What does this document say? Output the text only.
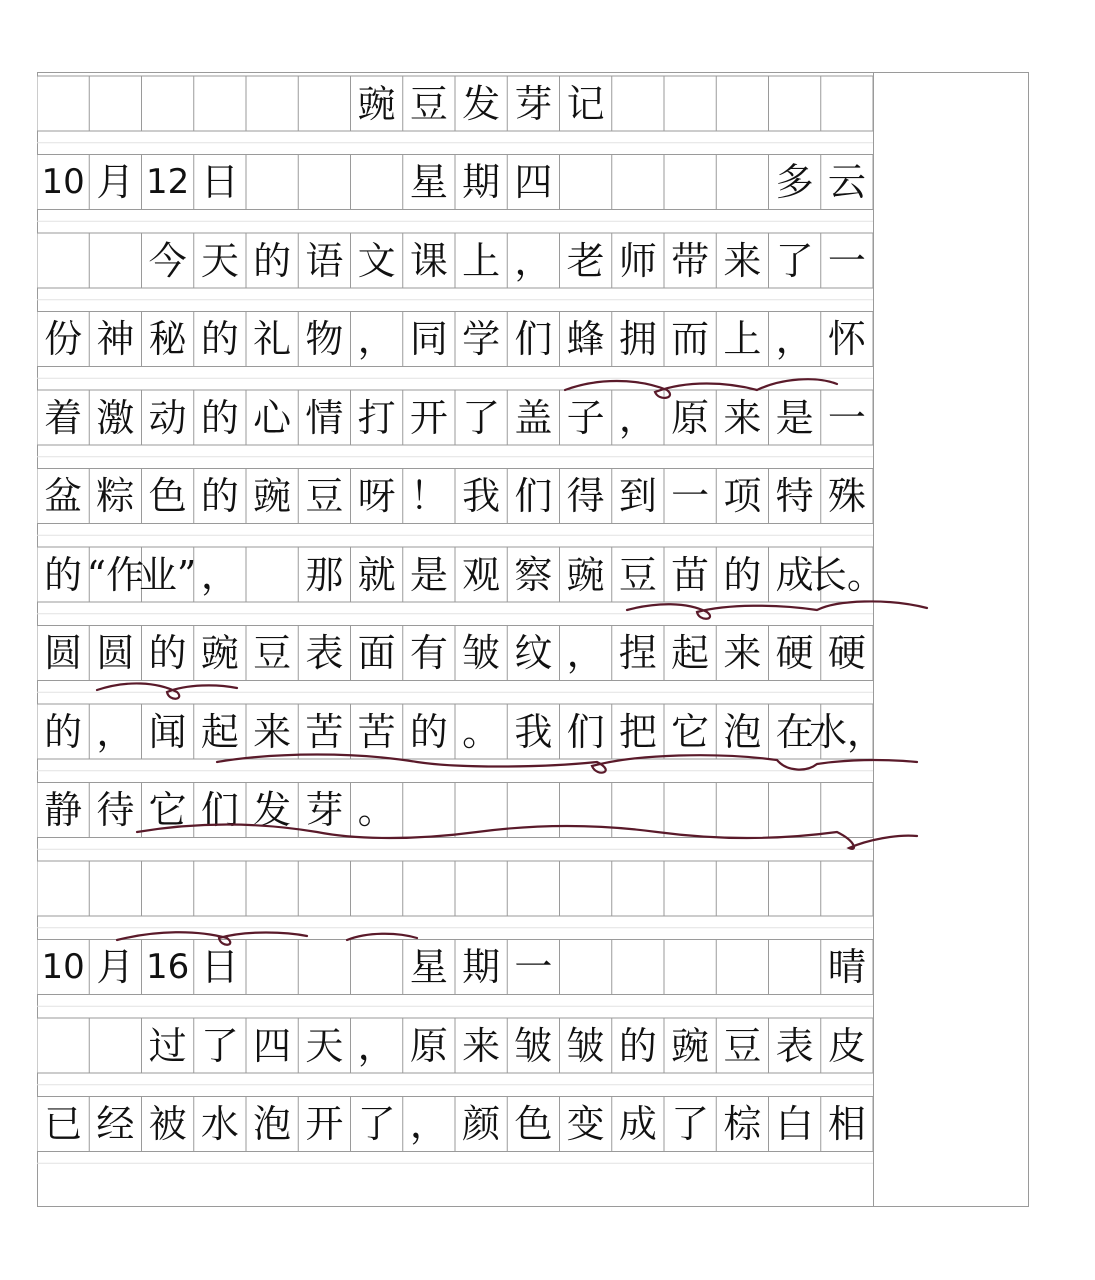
豌 豆 发 芽 记
10 月 12 日	星 期 四	多 云
今 天 的 语 文 课 上 ， 老 师 带 来 了 一
份 神 秘 的 礼 物 ， 同 学 们 蜂 拥 而 上 ， 怀
着 激 动 的 心 情 打 开 了 盖 子 ， 原 来 是 一
盆 粽 色 的 豌 豆 呀 ！ 我 们 得 到 一 项 特 殊
的 “作
业” ， 那 就 是 观 察 豌 豆 苗 的 成
长。
圆 圆 的 豌 豆 表 面 有 皱 纹 ， 捏 起 来 硬 硬
的 ， 闻 起 来 苦 苦 的 。 我 们 把 它 泡 在
水，
静 待 它 们 发 芽 。
10 月 16 日	星 期 一	晴
过 了 四 天 ， 原 来 皱 皱 的 豌 豆 表 皮
已 经 被 水 泡 开 了 ， 颜 色 变 成 了 棕 白 相
